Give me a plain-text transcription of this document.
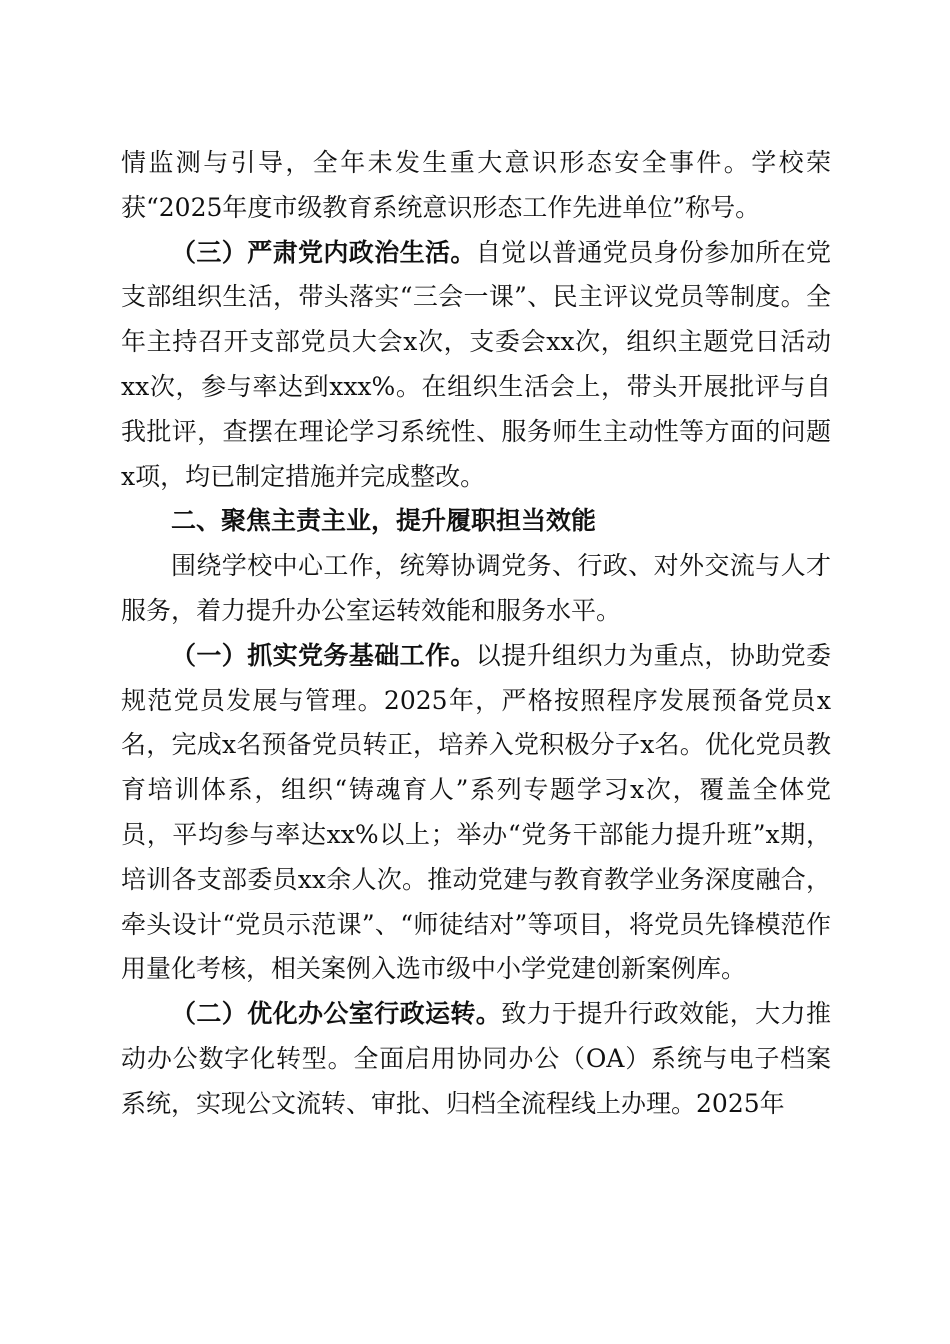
情监测与引导，全年未发生重大意识形态安全事件。学校荣获“2025年度市级教育系统意识形态工作先进单位”称号。

（三）严肃党内政治生活。自觉以普通党员身份参加所在党支部组织生活，带头落实“三会一课”、民主评议党员等制度。全年主持召开支部党员大会x次，支委会xx次，组织主题党日活动xx次，参与率达到xxx%。在组织生活会上，带头开展批评与自我批评，查摆在理论学习系统性、服务师生主动性等方面的问题x项，均已制定措施并完成整改。

二、聚焦主责主业，提升履职担当效能

围绕学校中心工作，统筹协调党务、行政、对外交流与人才服务，着力提升办公室运转效能和服务水平。

（一）抓实党务基础工作。以提升组织力为重点，协助党委规范党员发展与管理。2025年，严格按照程序发展预备党员x名，完成x名预备党员转正，培养入党积极分子x名。优化党员教育培训体系，组织“铸魂育人”系列专题学习x次，覆盖全体党员，平均参与率达xx%以上；举办“党务干部能力提升班”x期，培训各支部委员xx余人次。推动党建与教育教学业务深度融合，牵头设计“党员示范课”、“师徒结对”等项目，将党员先锋模范作用量化考核，相关案例入选市级中小学党建创新案例库。

（二）优化办公室行政运转。致力于提升行政效能，大力推动办公数字化转型。全面启用协同办公（OA）系统与电子档案系统，实现公文流转、审批、归档全流程线上办理。2025年
